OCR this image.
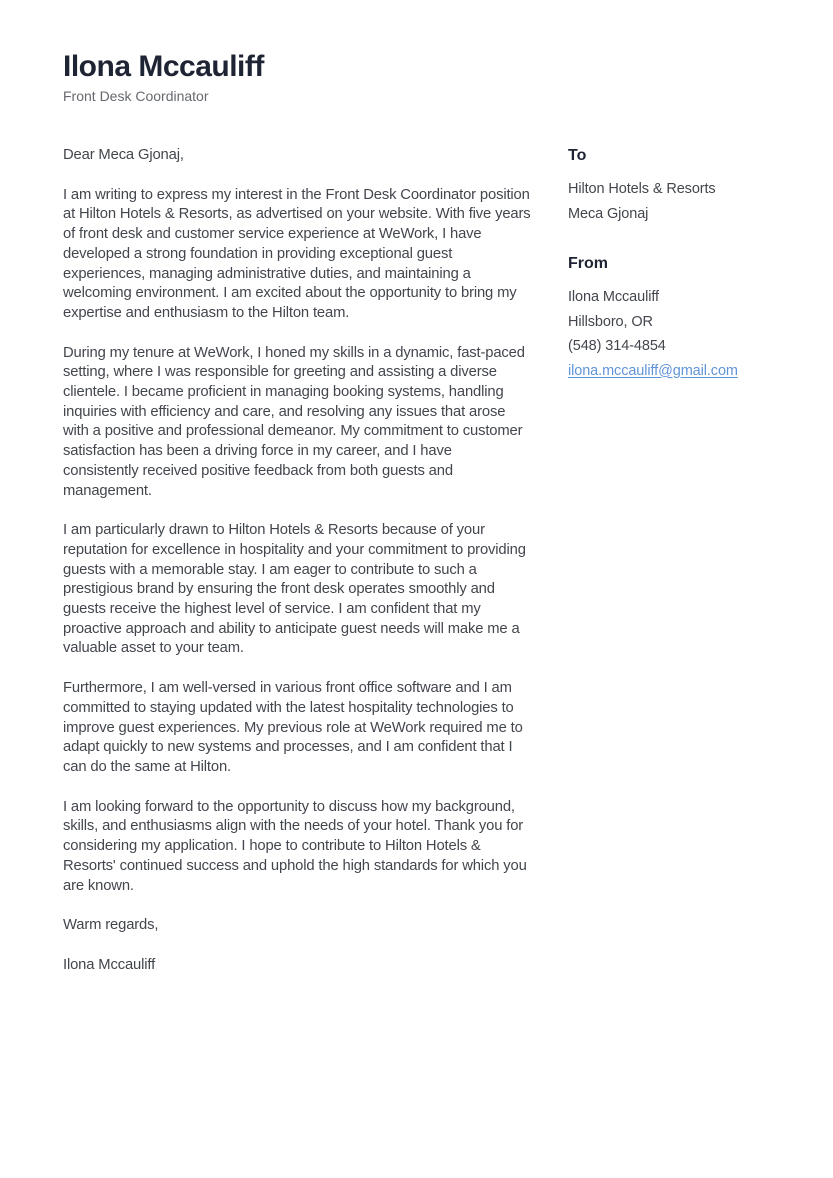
Ilona Mccauliff
Front Desk Coordinator

Dear Meca Gjonaj,

I am writing to express my interest in the Front Desk Coordinator position at Hilton Hotels & Resorts, as advertised on your website. With five years of front desk and customer service experience at WeWork, I have developed a strong foundation in providing exceptional guest experiences, managing administrative duties, and maintaining a welcoming environment. I am excited about the opportunity to bring my expertise and enthusiasm to the Hilton team.

During my tenure at WeWork, I honed my skills in a dynamic, fast-paced setting, where I was responsible for greeting and assisting a diverse clientele. I became proficient in managing booking systems, handling inquiries with efficiency and care, and resolving any issues that arose with a positive and professional demeanor. My commitment to customer satisfaction has been a driving force in my career, and I have consistently received positive feedback from both guests and management.

I am particularly drawn to Hilton Hotels & Resorts because of your reputation for excellence in hospitality and your commitment to providing guests with a memorable stay. I am eager to contribute to such a prestigious brand by ensuring the front desk operates smoothly and guests receive the highest level of service. I am confident that my proactive approach and ability to anticipate guest needs will make me a valuable asset to your team.

Furthermore, I am well-versed in various front office software and I am committed to staying updated with the latest hospitality technologies to improve guest experiences. My previous role at WeWork required me to adapt quickly to new systems and processes, and I am confident that I can do the same at Hilton.

I am looking forward to the opportunity to discuss how my background, skills, and enthusiasms align with the needs of your hotel. Thank you for considering my application. I hope to contribute to Hilton Hotels & Resorts' continued success and uphold the high standards for which you are known.

Warm regards,

Ilona Mccauliff

To
Hilton Hotels & Resorts
Meca Gjonaj
From
Ilona Mccauliff
Hillsboro, OR
(548) 314-4854
ilona.mccauliff@gmail.com
